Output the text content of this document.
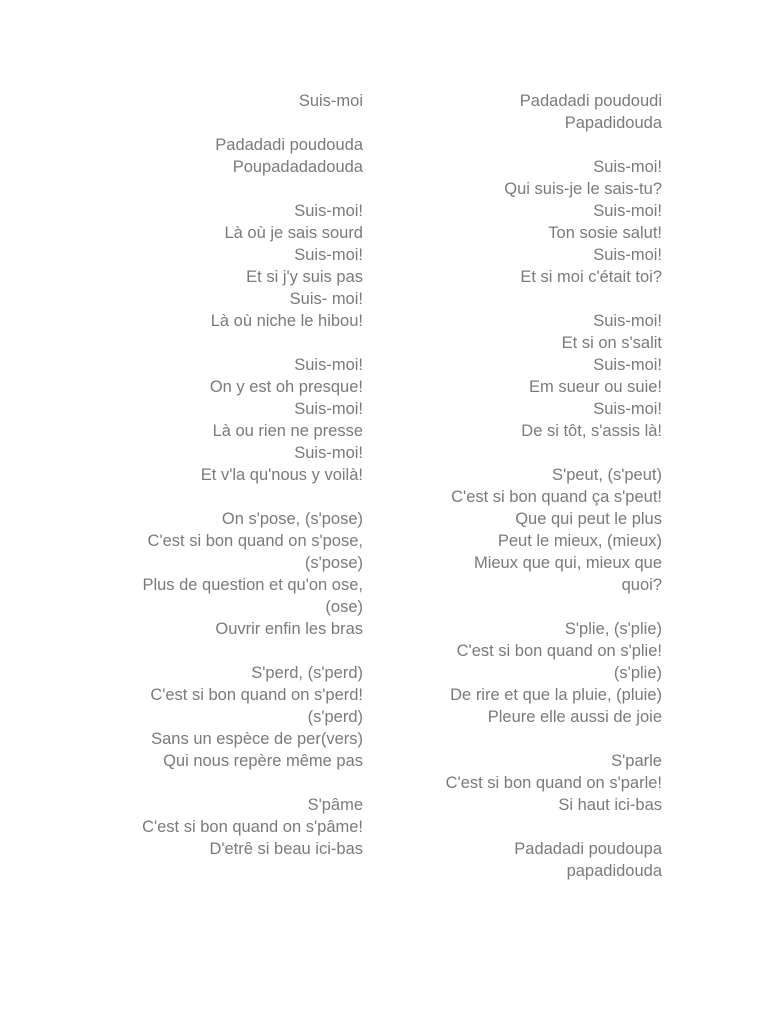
Suis-moi
Padadadi poudouda
Poupadadadouda
Suis-moi!
Là où je sais sourd
Suis-moi!
Et si j'y suis pas
Suis- moi!
Là où niche le hibou!
Suis-moi!
On y est oh presque!
Suis-moi!
Là ou rien ne presse
Suis-moi!
Et v'la qu'nous y voilà!
On s'pose, (s'pose)
C'est si bon quand on s'pose,
(s'pose)
Plus de question et qu'on ose,
(ose)
Ouvrir enfin les bras
S'perd, (s'perd)
C'est si bon quand on s'perd!
(s'perd)
Sans un espèce de per(vers)
Qui nous repère même pas
S'pâme
C'est si bon quand on s'pâme!
D'etrê si beau ici-bas
Padadadi poudoudi
Papadidouda
Suis-moi!
Qui suis-je le sais-tu?
Suis-moi!
Ton sosie salut!
Suis-moi!
Et si moi c'était toi?
Suis-moi!
Et si on s'salit
Suis-moi!
Em sueur ou suie!
Suis-moi!
De si tôt, s'assis là!
S'peut, (s'peut)
C'est si bon quand ça s'peut!
Que qui peut le plus
Peut le mieux, (mieux)
Mieux que qui, mieux que
quoi?
S'plie, (s'plie)
C'est si bon quand on s'plie!
(s'plie)
De rire et que la pluie, (pluie)
Pleure elle aussi de joie
S'parle
C'est si bon quand on s'parle!
Si haut ici-bas
Padadadi poudoupa
papadidouda
